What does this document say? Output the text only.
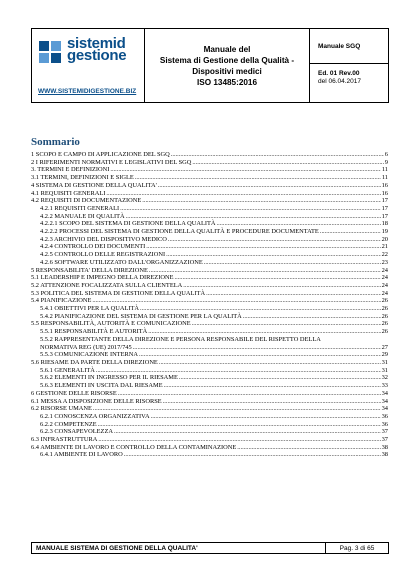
sistemid
gestione
WWW.SISTEMIDIGESTIONE.BIZ
Manuale del
Sistema di Gestione della Qualità -
Dispositivi medici
ISO 13485:2016
Manuale SGQ
Ed. 01 Rev.00
del 06.04.2017
Sommario
1 SCOPO E CAMPO DI APPLICAZIONE DEL SGQ .....	6
2 I RIFERIMENTI NORMATIVI E LEGISLATIVI DEL SGQ .....	9
3. TERMINI E DEFINIZIONI .....	11
3.1 TERMINI, DEFINIZIONI E SIGLE .....	11
4 SISTEMA DI GESTIONE DELLA QUALITA' .....	16
4.1 REQUISITI GENERALI .....	16
4.2 REQUISITI DI DOCUMENTAZIONE .....	17
4.2.1 REQUISITI GENERALI .....	17
4.2.2 MANUALE DI QUALITÀ .....	17
4.2.2.1 SCOPO DEL SISTEMA DI GESTIONE DELLA QUALITÀ .....	18
4.2.2.2 PROCESSI DEL SISTEMA DI GESTIONE DELLA QUALITÀ E PROCEDURE DOCUMENTATE .....	19
4.2.3 ARCHIVIO DEL DISPOSITIVO MEDICO .....	20
4.2.4 CONTROLLO DEI DOCUMENTI .....	21
4.2.5 CONTROLLO DELLE REGISTRAZIONI .....	22
4.2.6 SOFTWARE UTILIZZATO DALL'ORGANIZZAZIONE .....	23
5 RESPONSABILITA' DELLA DIREZIONE .....	24
5.1 LEADERSHIP E IMPEGNO DELLA DIREZIONE .....	24
5.2 ATTENZIONE FOCALIZZATA SULLA CLIENTELA .....	24
5.3 POLITICA DEL SISTEMA DI GESTIONE DELLA QUALITÀ .....	24
5.4 PIANIFICAZIONE .....	26
5.4.1 OBIETTIVI PER LA QUALITÀ .....	26
5.4.2 PIANIFICAZIONE DEL SISTEMA DI GESTIONE PER LA QUALITÀ .....	26
5.5 RESPONSABILITÀ, AUTORITÀ E COMUNICAZIONE .....	26
5.5.1 RESPONSABILITÀ E AUTORITÀ .....	26
5.5.2 RAPPRESENTANTE DELLA DIREZIONE E PERSONA RESPONSABILE DEL RISPETTO DELLA
NORMATIVA REG (UE) 2017/745 .....	27
5.5.3 COMUNICAZIONE INTERNA .....	29
5.6 RIESAME DA PARTE DELLA DIREZIONE .....	31
5.6.1 GENERALITÀ .....	31
5.6.2 ELEMENTI IN INGRESSO PER IL RIESAME .....	32
5.6.3 ELEMENTI IN USCITA DAL RIESAME .....	33
6 GESTIONE DELLE RISORSE .....	34
6.1 MESSA A DISPOSIZIONE DELLE RISORSE .....	34
6.2 RISORSE UMANE .....	34
6.2.1 CONOSCENZA ORGANIZZATIVA .....	36
6.2.2 COMPETENZE .....	36
6.2.3 CONSAPEVOLEZZA .....	37
6.3 INFRASTRUTTURA .....	37
6.4 AMBIENTE DI LAVORO E CONTROLLO DELLA CONTAMINAZIONE .....	38
6.4.1 AMBIENTE DI LAVORO .....	38
MANUALE SISTEMA DI GESTIONE DELLA QUALITA'	Pag. 3 di 65
